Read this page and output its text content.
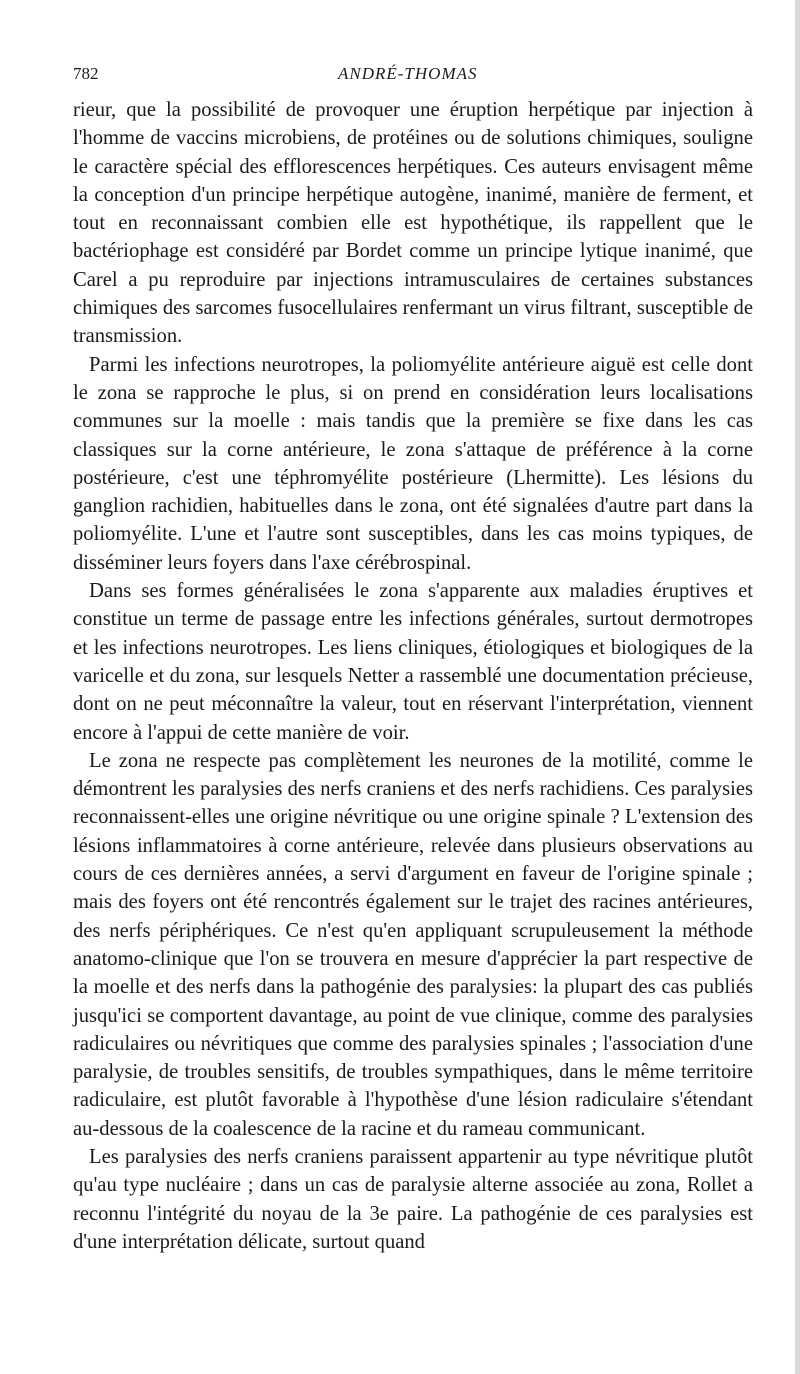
782	ANDRÉ-THOMAS

rieur, que la possibilité de provoquer une éruption herpétique par injection à l'homme de vaccins microbiens, de protéines ou de solutions chimiques, souligne le caractère spécial des efflorescences herpétiques. Ces auteurs envisagent même la conception d'un principe herpétique autogène, inanimé, manière de ferment, et tout en reconnaissant combien elle est hypothétique, ils rappellent que le bactériophage est considéré par Bordet comme un principe lytique inanimé, que Carel a pu reproduire par injections intramusculaires de certaines substances chimiques des sarcomes fusocellulaires renfermant un virus filtrant, susceptible de transmission.

Parmi les infections neurotropes, la poliomyélite antérieure aiguë est celle dont le zona se rapproche le plus, si on prend en considération leurs localisations communes sur la moelle : mais tandis que la première se fixe dans les cas classiques sur la corne antérieure, le zona s'attaque de préférence à la corne postérieure, c'est une téphromyélite postérieure (Lhermitte). Les lésions du ganglion rachidien, habituelles dans le zona, ont été signalées d'autre part dans la poliomyélite. L'une et l'autre sont susceptibles, dans les cas moins typiques, de disséminer leurs foyers dans l'axe cérébrospinal.

Dans ses formes généralisées le zona s'apparente aux maladies éruptives et constitue un terme de passage entre les infections générales, surtout dermotropes et les infections neurotropes. Les liens cliniques, étiologiques et biologiques de la varicelle et du zona, sur lesquels Netter a rassemblé une documentation précieuse, dont on ne peut méconnaître la valeur, tout en réservant l'interprétation, viennent encore à l'appui de cette manière de voir.

Le zona ne respecte pas complètement les neurones de la motilité, comme le démontrent les paralysies des nerfs craniens et des nerfs rachidiens. Ces paralysies reconnaissent-elles une origine névritique ou une origine spinale ? L'extension des lésions inflammatoires à corne antérieure, relevée dans plusieurs observations au cours de ces dernières années, a servi d'argument en faveur de l'origine spinale ; mais des foyers ont été rencontrés également sur le trajet des racines antérieures, des nerfs périphériques. Ce n'est qu'en appliquant scrupuleusement la méthode anatomo-clinique que l'on se trouvera en mesure d'apprécier la part respective de la moelle et des nerfs dans la pathogénie des paralysies: la plupart des cas publiés jusqu'ici se comportent davantage, au point de vue clinique, comme des paralysies radiculaires ou névritiques que comme des paralysies spinales ; l'association d'une paralysie, de troubles sensitifs, de troubles sympathiques, dans le même territoire radiculaire, est plutôt favorable à l'hypothèse d'une lésion radiculaire s'étendant au-dessous de la coalescence de la racine et du rameau communicant.

Les paralysies des nerfs craniens paraissent appartenir au type névritique plutôt qu'au type nucléaire ; dans un cas de paralysie alterne associée au zona, Rollet a reconnu l'intégrité du noyau de la 3e paire. La pathogénie de ces paralysies est d'une interprétation délicate, surtout quand
